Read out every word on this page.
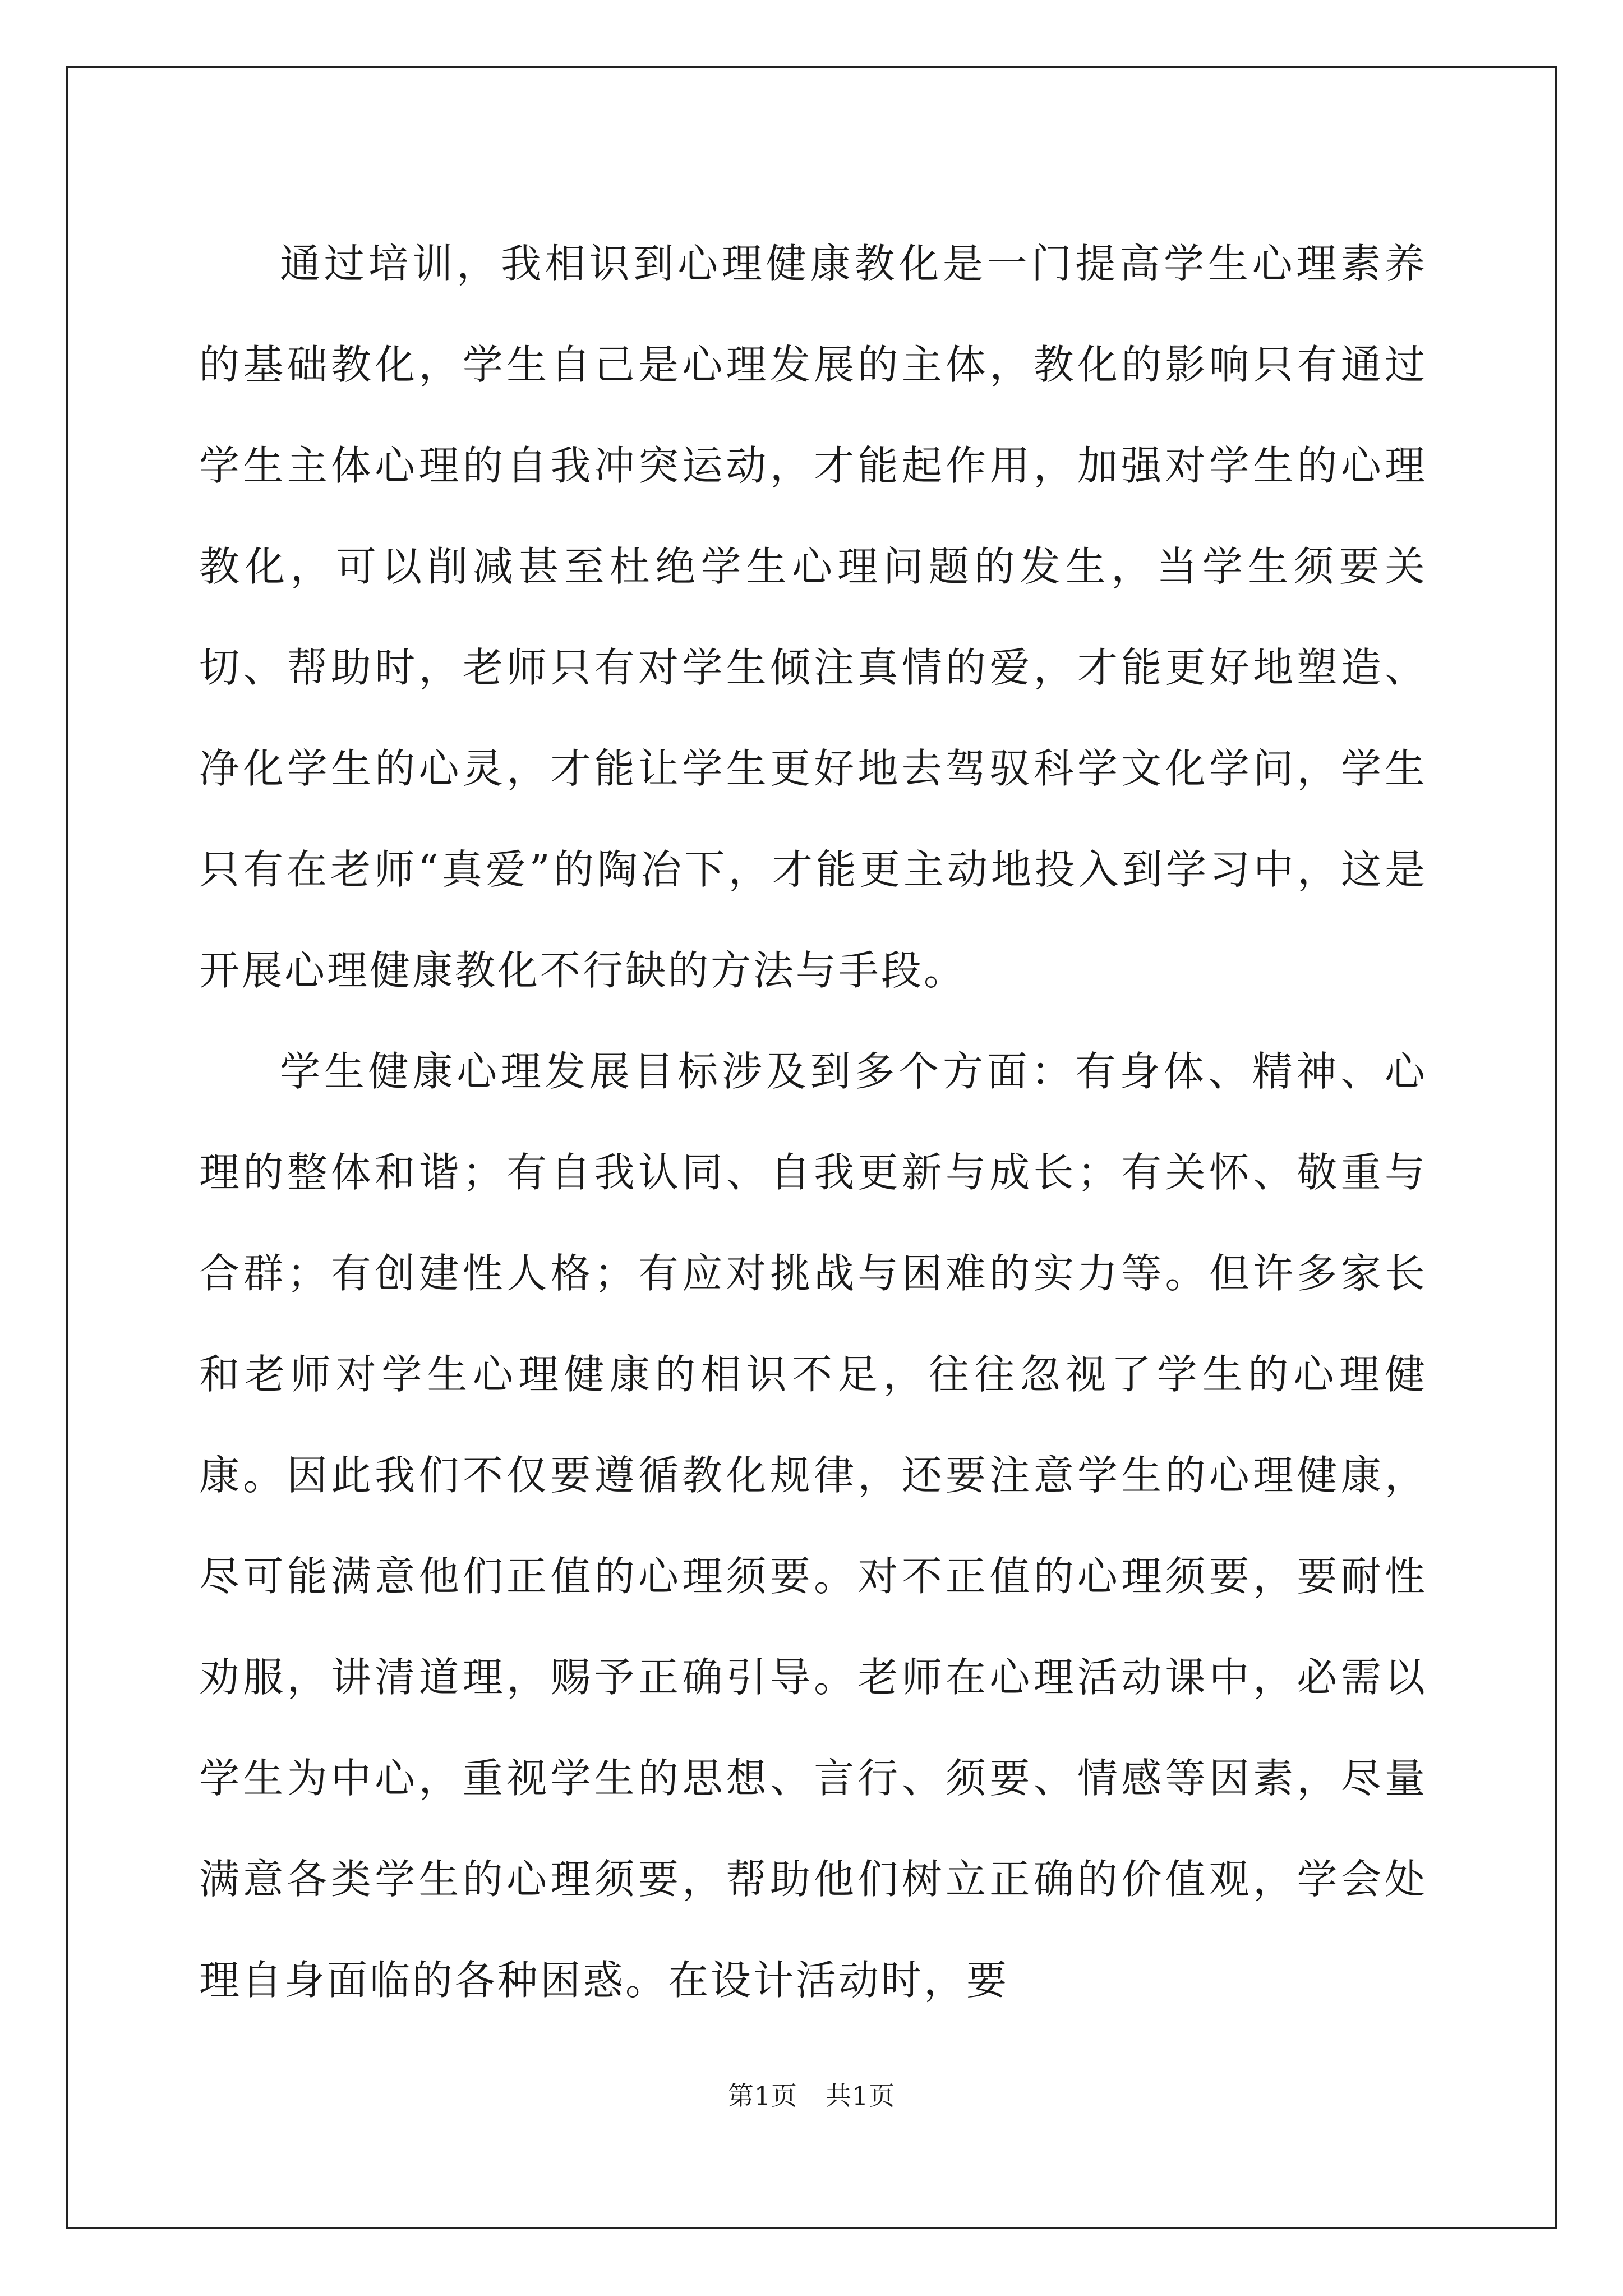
通过培训，我相识到心理健康教化是一门提高学生心理素养的基础教化，学生自己是心理发展的主体，教化的影响只有通过学生主体心理的自我冲突运动，才能起作用，加强对学生的心理教化，可以削减甚至杜绝学生心理问题的发生，当学生须要关切、帮助时，老师只有对学生倾注真情的爱，才能更好地塑造、净化学生的心灵，才能让学生更好地去驾驭科学文化学问，学生只有在老师“真爱”的陶冶下，才能更主动地投入到学习中，这是开展心理健康教化不行缺的方法与手段。

学生健康心理发展目标涉及到多个方面：有身体、精神、心理的整体和谐；有自我认同、自我更新与成长；有关怀、敬重与合群；有创建性人格；有应对挑战与困难的实力等。但许多家长和老师对学生心理健康的相识不足，往往忽视了学生的心理健康。因此我们不仅要遵循教化规律，还要注意学生的心理健康，尽可能满意他们正值的心理须要。对不正值的心理须要，要耐性劝服，讲清道理，赐予正确引导。老师在心理活动课中，必需以学生为中心，重视学生的思想、言行、须要、情感等因素，尽量满意各类学生的心理须要，帮助他们树立正确的价值观，学会处理自身面临的各种困惑。在设计活动时，要

第1页 共1页
